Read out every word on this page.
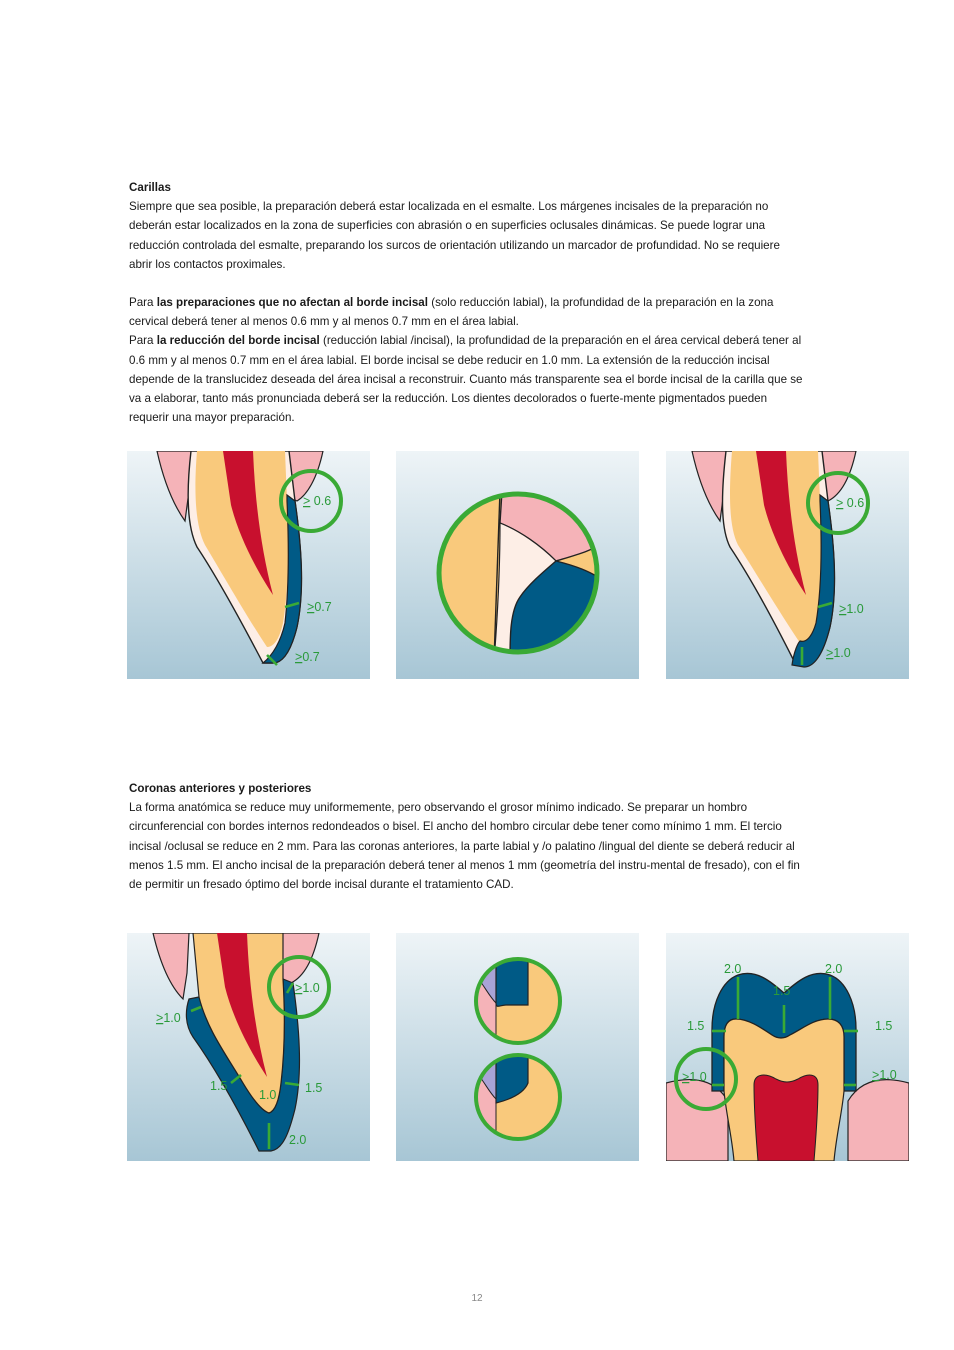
Carillas

Siempre que sea posible, la preparación deberá estar localizada en el esmalte. Los márgenes incisales de la preparación no deberán estar localizados en la zona de superficies con abrasión o en superficies oclusales dinámicas. Se puede lograr una reducción controlada del esmalte, preparando los surcos de orientación utilizando un marcador de profundidad. No se requiere abrir los contactos proximales.

Para las preparaciones que no afectan al borde incisal (solo reducción labial), la profundidad de la preparación en la zona cervical deberá tener al menos 0.6 mm y al menos 0.7 mm en el área labial.

Para la reducción del borde incisal (reducción labial /incisal), la profundidad de la preparación en el área cervical deberá tener al 0.6 mm y al menos 0.7 mm en el área labial. El borde incisal se debe reducir en 1.0 mm. La extensión de la reducción incisal depende de la translucidez deseada del área incisal a reconstruir. Cuanto más transparente sea el borde incisal de la carilla que se va a elaborar, tanto más pronunciada deberá ser la reducción. Los dientes decolorados o fuerte-mente pigmentados pueden requerir una mayor preparación.

> 0.6
>0.7
>0.7
> 0.6
>1.0
>1.0
Coronas anteriores y posteriores

La forma anatómica se reduce muy uniformemente, pero observando el grosor mínimo indicado. Se preparar un hombro circunferencial con bordes internos redondeados o bisel. El ancho del hombro circular debe tener como mínimo 1 mm. El tercio incisal /oclusal se reduce en 2 mm. Para las coronas anteriores, la parte labial y /o palatino /lingual del diente se deberá reducir al menos 1.5 mm. El ancho incisal de la preparación deberá tener al menos 1 mm (geometría del instru-mental de fresado), con el fin de permitir un fresado óptimo del borde incisal durante el tratamiento CAD.

>1.0
>1.0
1.5	1.5
1.0
2.0
2.0	2.0
1.5
1.5	1.5
>1.0	>1.0
12
